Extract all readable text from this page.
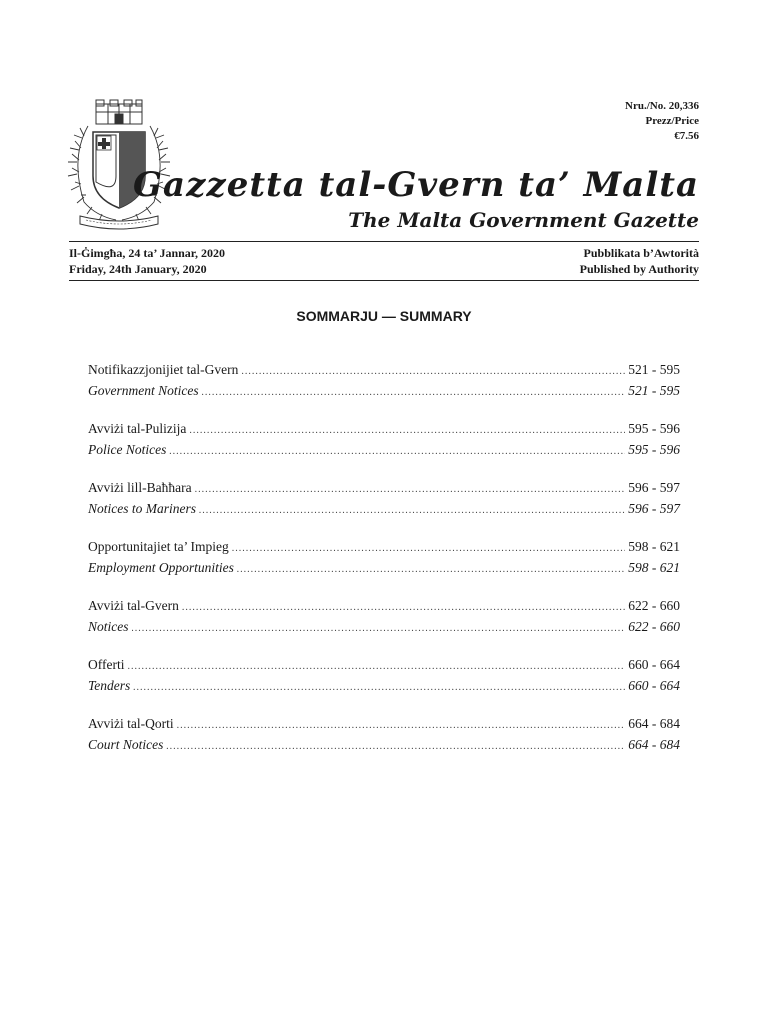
Nru./No. 20,336
Prezz/Price
€7.56
Gazzetta tal-Gvern ta’ Malta
The Malta Government Gazette
Il-Ġimgħa, 24 ta’ Jannar, 2020
Friday, 24th January, 2020
Pubblikata b’Awtorità
Published by Authority
SOMMARJU — SUMMARY
Notifikazzjonijiet tal-Gvern .....	521 - 595
Government Notices .....	521 - 595
Avviżi tal-Pulizija .....	595 - 596
Police Notices .....	595 - 596
Avviżi lill-Baħħara .....	596 - 597
Notices to Mariners .....	596 - 597
Opportunitajiet ta’ Impieg .....	598 - 621
Employment Opportunities .....	598 - 621
Avviżi tal-Gvern .....	622 - 660
Notices .....	622 - 660
Offerti .....	660 - 664
Tenders .....	660 - 664
Avviżi tal-Qorti .....	664 - 684
Court Notices .....	664 - 684
